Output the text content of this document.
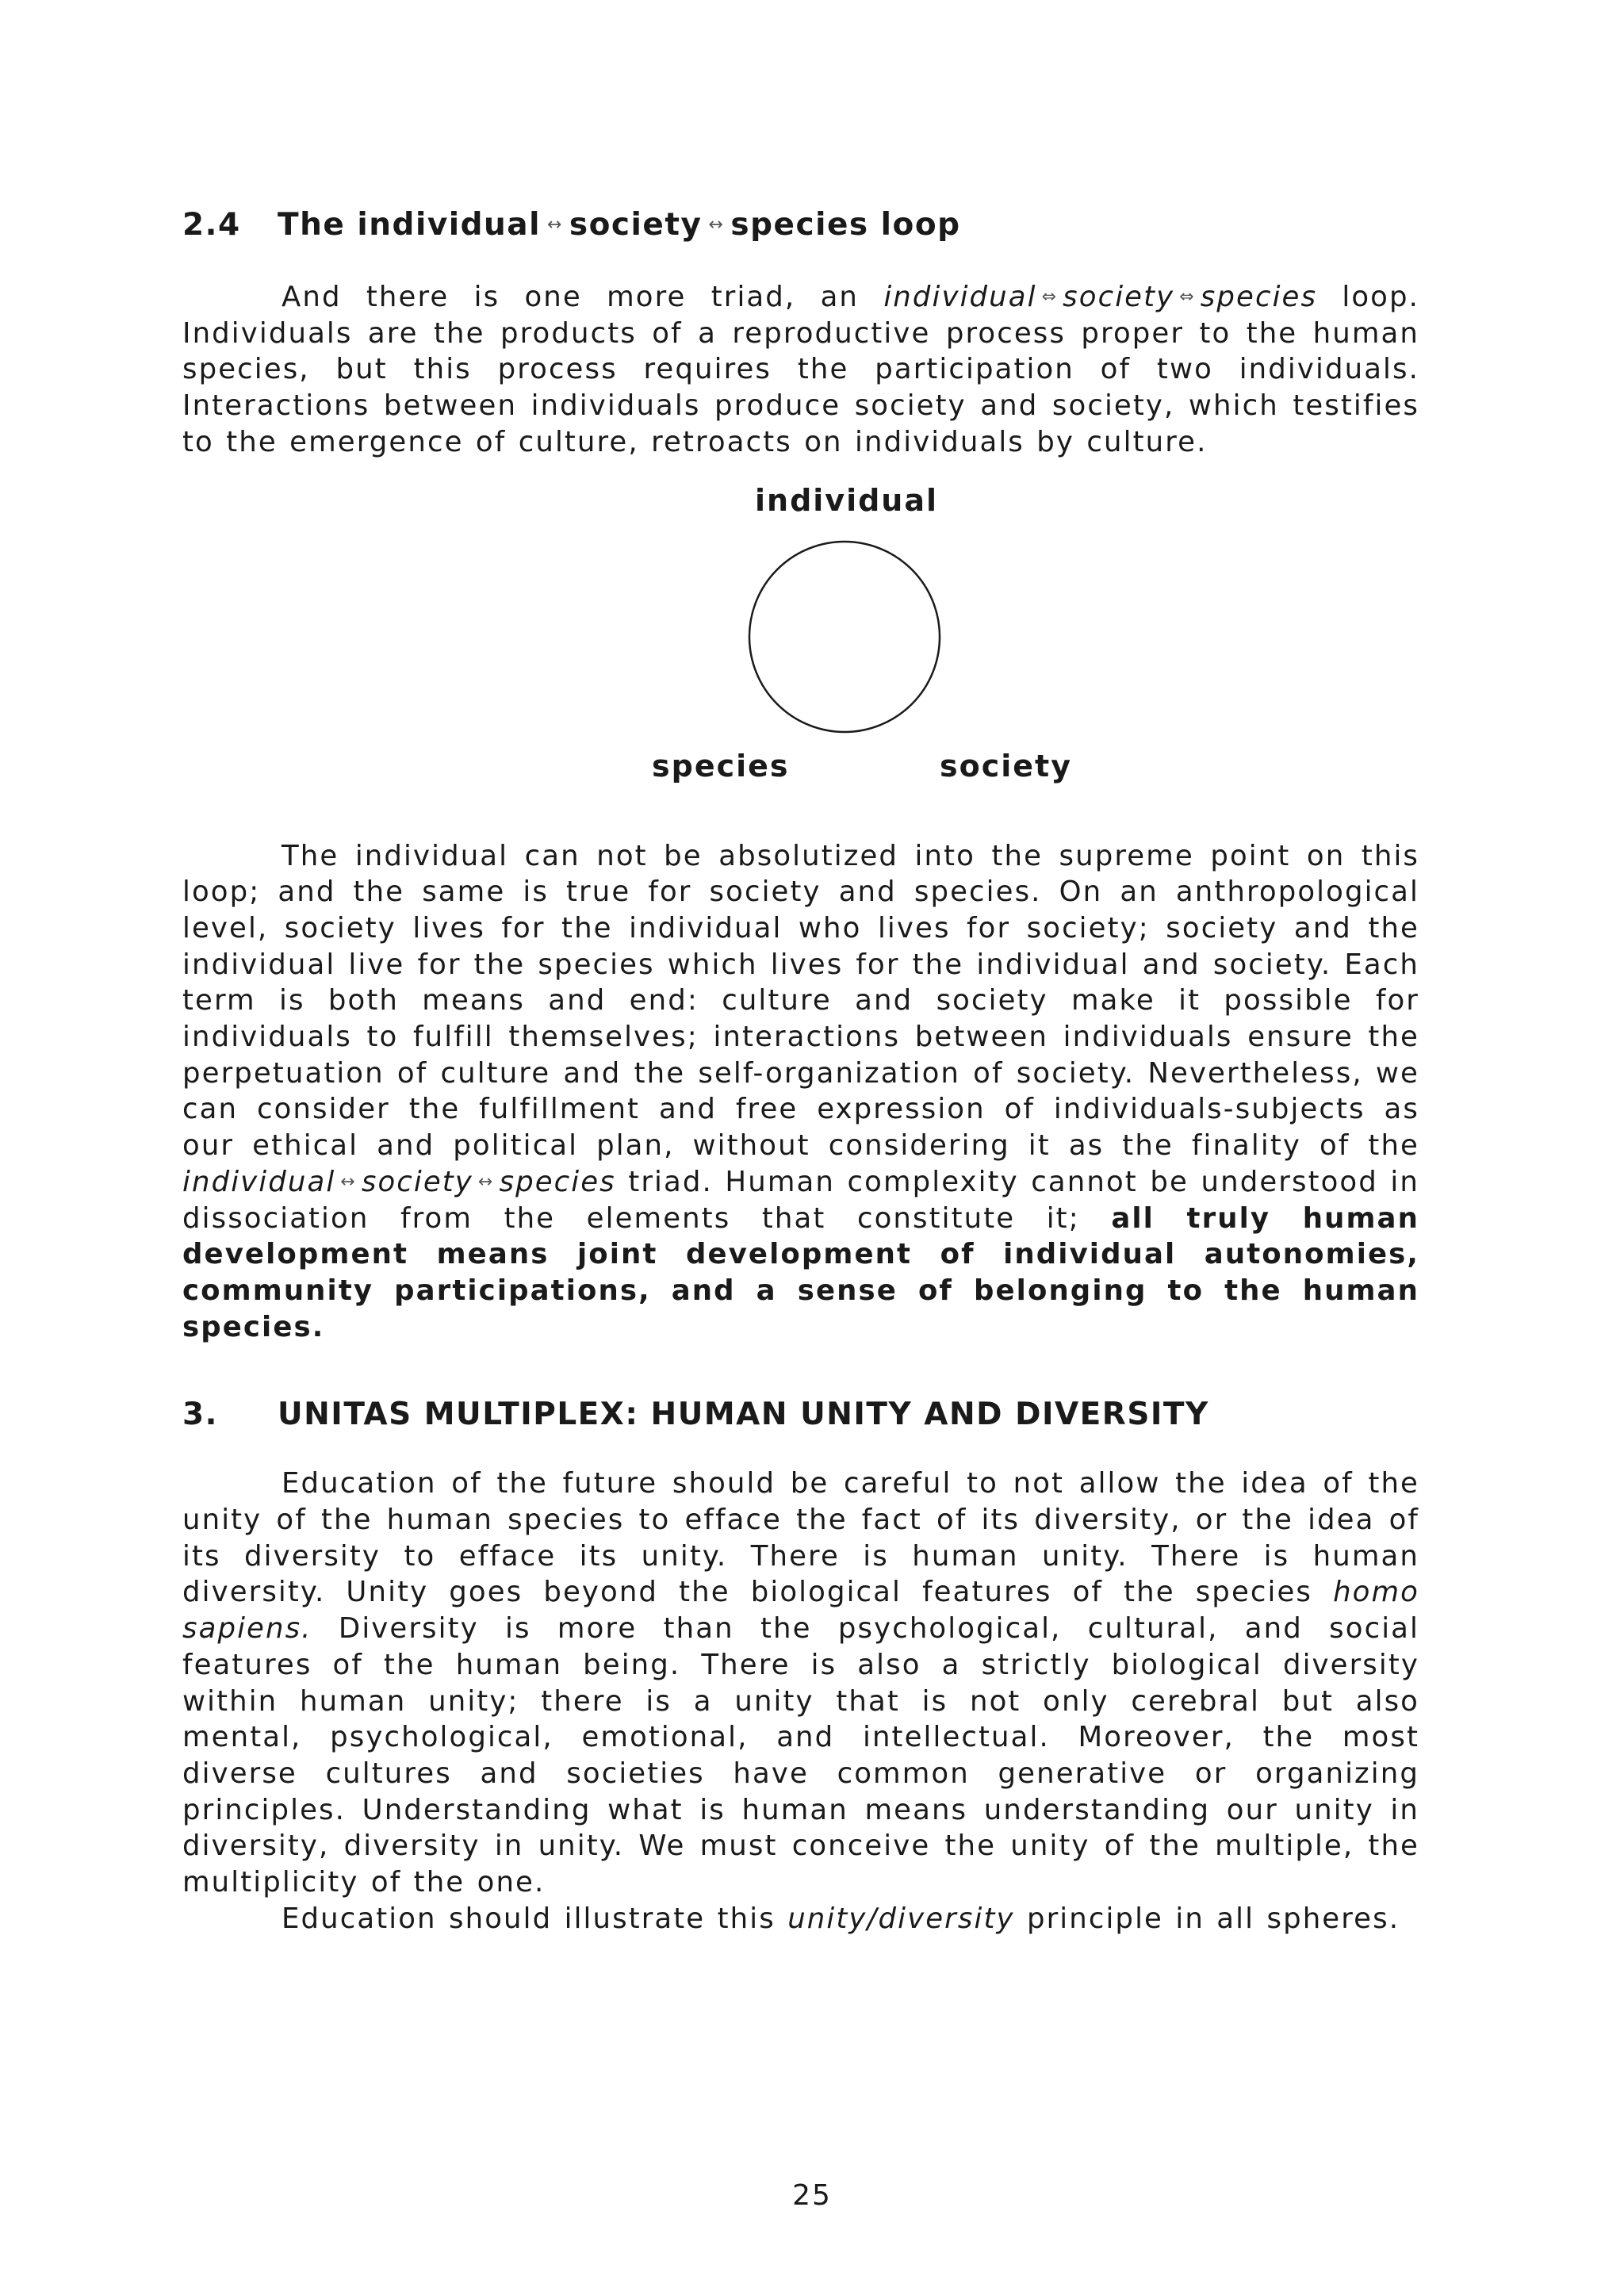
2.4 The individual ↔ society ↔ species loop

And there is one more triad, an individual ⇔ society ⇔ species loop. Individuals are the products of a reproductive process proper to the human species, but this process requires the participation of two individuals. Interactions between individuals produce society and society, which testifies to the emergence of culture, retroacts on individuals by culture.

individual
species	society

The individual can not be absolutized into the supreme point on this loop; and the same is true for society and species. On an anthropological level, society lives for the individual who lives for society; society and the individual live for the species which lives for the individual and society. Each term is both means and end: culture and society make it possible for individuals to fulfill themselves; interactions between individuals ensure the perpetuation of culture and the self-organization of society. Nevertheless, we can consider the fulfillment and free expression of individuals-subjects as our ethical and political plan, without considering it as the finality of the individual ↔ society ↔ species triad. Human complexity cannot be understood in dissociation from the elements that constitute it; all truly human development means joint development of individual autonomies, community participations, and a sense of belonging to the human species.

3. UNITAS MULTIPLEX: HUMAN UNITY AND DIVERSITY

Education of the future should be careful to not allow the idea of the unity of the human species to efface the fact of its diversity, or the idea of its diversity to efface its unity. There is human unity. There is human diversity. Unity goes beyond the biological features of the species homo sapiens. Diversity is more than the psychological, cultural, and social features of the human being. There is also a strictly biological diversity within human unity; there is a unity that is not only cerebral but also mental, psychological, emotional, and intellectual. Moreover, the most diverse cultures and societies have common generative or organizing principles. Understanding what is human means understanding our unity in diversity, diversity in unity. We must conceive the unity of the multiple, the multiplicity of the one.

Education should illustrate this unity/diversity principle in all spheres.

25
